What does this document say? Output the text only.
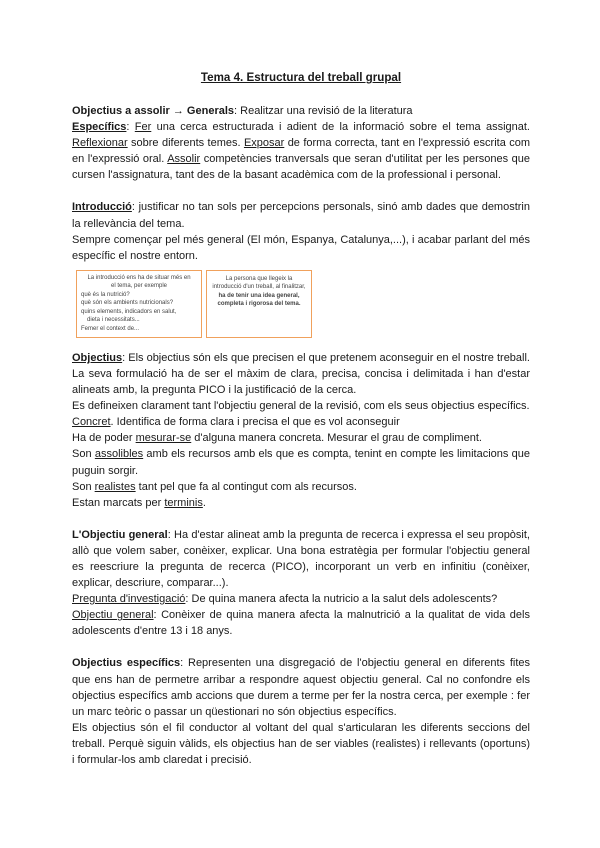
Tema 4. Estructura del treball grupal

Objectius a assolir → Generals: Realitzar una revisió de la literatura

Específics: Fer una cerca estructurada i adient de la informació sobre el tema assignat. Reflexionar sobre diferents temes. Exposar de forma correcta, tant en l'expressió escrita com en l'expressió oral. Assolir competències tranversals que seran d'utilitat per les persones que cursen l'assignatura, tant des de la basant acadèmica com de la professional i personal.

Introducció: justificar no tan sols per percepcions personals, sinó amb dades que demostrin la rellevància del tema.

Sempre començar pel més general (El món, Espanya, Catalunya,...), i acabar parlant del més específic el nostre entorn.

La introducció ens ha de situar més en
el tema, per exemple
què és la nutrició?
què són els ambients nutricionals?
quins elements, indicadors en salut,
dieta i necessitats...
Femer el context de...
La persona que llegeix la introducció d'un treball, al finalitzar, ha de tenir una idea general, completa i rigorosa del tema.

Objectius: Els objectius són els que precisen el que pretenem aconseguir en el nostre treball. La seva formulació ha de ser el màxim de clara, precisa, concisa i delimitada i han d'estar alineats amb, la pregunta PICO i la justificació de la cerca.

Es defineixen clarament tant l'objectiu general de la revisió, com els seus objectius específics.

Concret. Identifica de forma clara i precisa el que es vol aconseguir

Ha de poder mesurar-se d'alguna manera concreta. Mesurar el grau de compliment.

Son assolibles amb els recursos amb els que es compta, tenint en compte les limitacions que puguin sorgir.

Son realistes tant pel que fa al contingut com als recursos.

Estan marcats per terminis.

L'Objectiu general: Ha d'estar alineat amb la pregunta de recerca i expressa el seu propòsit, allò que volem saber, conèixer, explicar. Una bona estratègia per formular l'objectiu general es reescriure la pregunta de recerca (PICO), incorporant un verb en infinitiu (conèixer, explicar, descriure, comparar...).

Pregunta d'investigació: De quina manera afecta la nutricio a la salut dels adolescents?

Objectiu general: Conèixer de quina manera afecta la malnutrició a la qualitat de vida dels adolescents d'entre 13 i 18 anys.

Objectius específics: Representen una disgregació de l'objectiu general en diferents fites que ens han de permetre arribar a respondre aquest objectiu general. Cal no confondre els objectius específics amb accions que durem a terme per fer la nostra cerca, per exemple : fer un marc teòric o passar un qüestionari no són objectius específics.

Els objectius són el fil conductor al voltant del qual s'articularan les diferents seccions del treball. Perquè siguin vàlids, els objectius han de ser viables (realistes) i rellevants (oportuns) i formular-los amb claredat i precisió.
